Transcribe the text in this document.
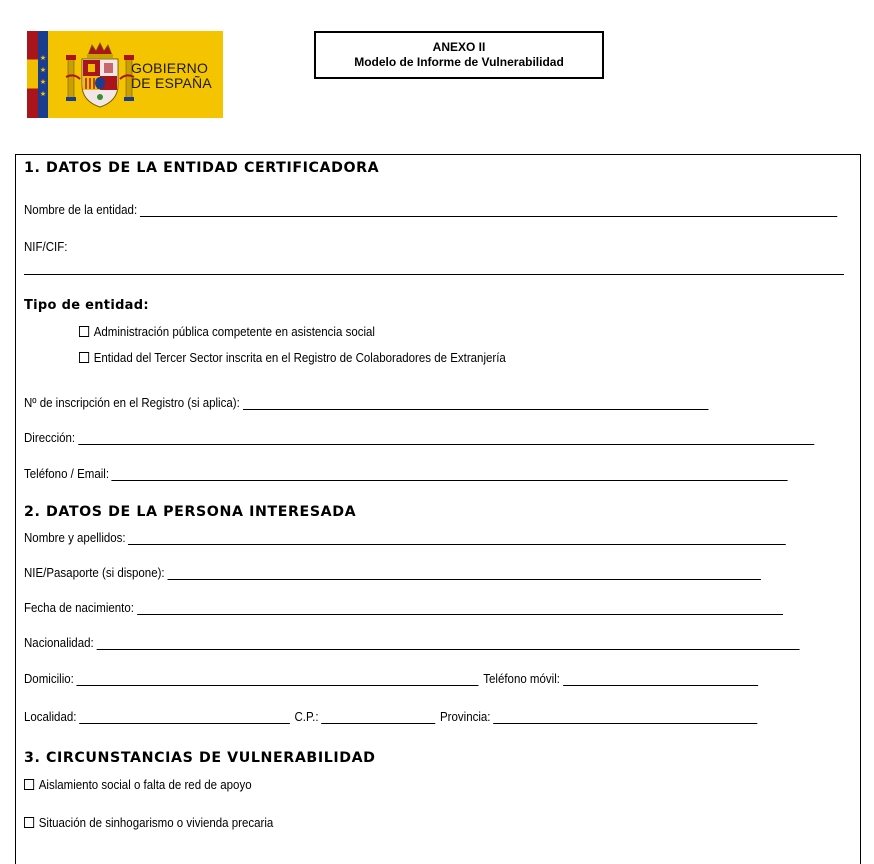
★
★
★
★
GOBIERNO
DE ESPAÑA
ANEXO II
Modelo de Informe de Vulnerabilidad
1. DATOS DE LA ENTIDAD CERTIFICADORA
Nombre de la entidad:
NIF/CIF:
Tipo de entidad:
Administración pública competente en asistencia social
Entidad del Tercer Sector inscrita en el Registro de Colaboradores de Extranjería
Nº de inscripción en el Registro (si aplica):
Dirección:
Teléfono / Email:
2. DATOS DE LA PERSONA INTERESADA
Nombre y apellidos:
NIE/Pasaporte (si dispone):
Fecha de nacimiento:
Nacionalidad:
Domicilio:	Teléfono móvil:
Localidad:	C.P.:	Provincia:
3. CIRCUNSTANCIAS DE VULNERABILIDAD
Aislamiento social o falta de red de apoyo
Situación de sinhogarismo o vivienda precaria
